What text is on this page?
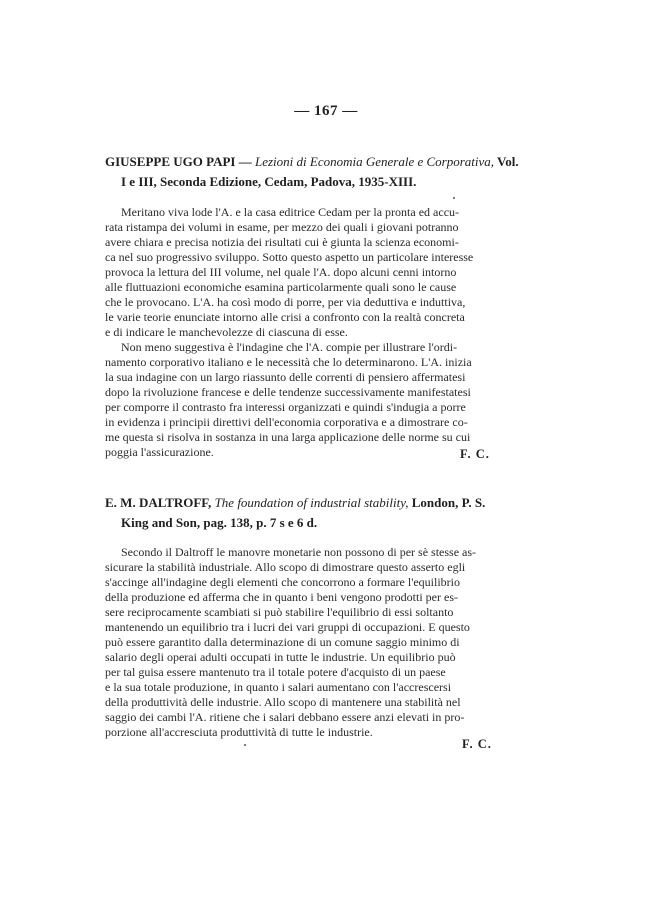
— 167 —
GIUSEPPE UGO PAPI — Lezioni di Economia Generale e Corporativa, Vol.
I e III, Seconda Edizione, Cedam, Padova, 1935-XIII.
Meritano viva lode l'A. e la casa editrice Cedam per la pronta ed accu-
rata ristampa dei volumi in esame, per mezzo dei quali i giovani potranno
avere chiara e precisa notizia dei risultati cui è giunta la scienza economi-
ca nel suo progressivo sviluppo. Sotto questo aspetto un particolare interesse
provoca la lettura del III volume, nel quale l'A. dopo alcuni cenni intorno
alle fluttuazioni economiche esamina particolarmente quali sono le cause
che le provocano. L'A. ha così modo di porre, per via deduttiva e induttiva,
le varie teorie enunciate intorno alle crisi a confronto con la realtà concreta
e di indicare le manchevolezze di ciascuna di esse.
Non meno suggestiva è l'indagine che l'A. compie per illustrare l'ordi-
namento corporativo italiano e le necessità che lo determinarono. L'A. inizia
la sua indagine con un largo riassunto delle correnti di pensiero affermatesi
dopo la rivoluzione francese e delle tendenze successivamente manifestatesi
per comporre il contrasto fra interessi organizzati e quindi s'indugia a porre
in evidenza i principii direttivi dell'economia corporativa e a dimostrare co-
me questa si risolva in sostanza in una larga applicazione delle norme su cui
poggia l'assicurazione.	F. C.
E. M. DALTROFF, The foundation of industrial stability, London, P. S.
King and Son, pag. 138, p. 7 s e 6 d.
Secondo il Daltroff le manovre monetarie non possono di per sè stesse as-
sicurare la stabilità industriale. Allo scopo di dimostrare questo asserto egli
s'accinge all'indagine degli elementi che concorrono a formare l'equilibrio
della produzione ed afferma che in quanto i beni vengono prodotti per es-
sere reciprocamente scambiati si può stabilire l'equilibrio di essi soltanto
mantenendo un equilibrio tra i lucri dei vari gruppi di occupazioni. E questo
può essere garantito dalla determinazione di un comune saggio minimo di
salario degli operai adulti occupati in tutte le industrie. Un equilibrio può
per tal guisa essere mantenuto tra il totale potere d'acquisto di un paese
e la sua totale produzione, in quanto i salari aumentano con l'accrescersi
della produttività delle industrie. Allo scopo di mantenere una stabilità nel
saggio dei cambi l'A. ritiene che i salari debbano essere anzi elevati in pro-
porzione all'accresciuta produttività di tutte le industrie.
F. C.
